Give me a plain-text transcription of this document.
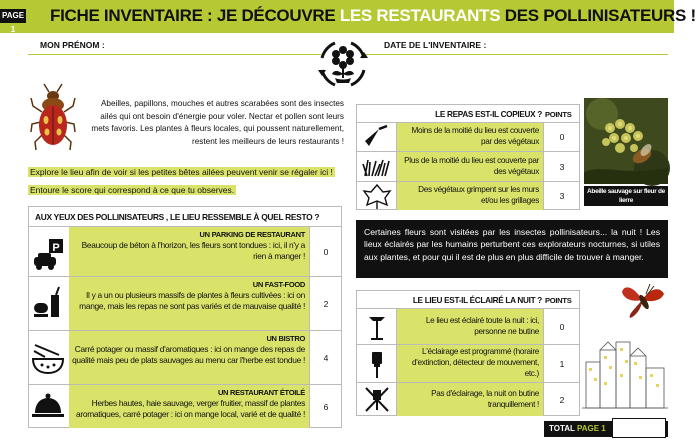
PAGE 1
FICHE INVENTAIRE : JE DÉCOUVRE LES RESTAURANTS DES POLLINISATEURS !
MON PRÉNOM :	DATE DE L'INVENTAIRE :
Abeilles, papillons, mouches et autres scarabées sont des insectes ailés qui ont besoin d'énergie pour voler. Nectar et pollen sont leurs mets favoris. Les plantes à fleurs locales, qui poussent naturellement, restent les meilleurs de leurs restaurants !
Explore le lieu afin de voir si les petites bêtes ailées peuvent venir se régaler ici ! Entoure le score qui correspond à ce que tu observes.
AUX YEUX DES POLLINISATEURS , LE LIEU RESSEMBLE À QUEL RESTO ?
P
UN PARKING DE RESTAURANT
Beaucoup de béton à l'horizon, les fleurs sont tondues : ici, il n'y a rien à manger !	0
UN FAST-FOOD
Il y a un ou plusieurs massifs de plantes à fleurs cultivées : ici on mange, mais les repas ne sont pas variés et de mauvaise qualité !	2
UN BISTRO
Carré potager ou massif d'aromatiques : ici on mange des repas de qualité mais peu de plats sauvages au menu car l'herbe est tondue !	4
UN RESTAURANT ÉTOILÉ
Herbes hautes, haie sauvage, verger fruitier, massif de plantes aromatiques, carré potager : ici on mange local, varié et de qualité !
6
LE REPAS EST-IL COPIEUX ? POINTS
Moins de la moitié du lieu est couverte par des végétaux	0
Plus de la moitié du lieu est couverte par des végétaux	3
Des végétaux grimpent sur les murs et/ou les grillages	3	Abeille sauvage sur fleur de lierre
Certaines fleurs sont visitées par les insectes pollinisateurs... la nuit ! Les lieux éclairés par les humains perturbent ces explorateurs nocturnes, si utiles aux plantes, et pour qui il est de plus en plus difficile de trouver à manger.
LE LIEU EST-IL ÉCLAIRÉ LA NUIT ? POINTS
Le lieu est éclairé toute la nuit : ici, personne ne butine	0
L'éclairage est programmé (horaire d'extinction, détecteur de mouvement, etc.)
1
Pas d'éclairage, la nuit on butine tranquillement !	2
TOTAL PAGE 1
